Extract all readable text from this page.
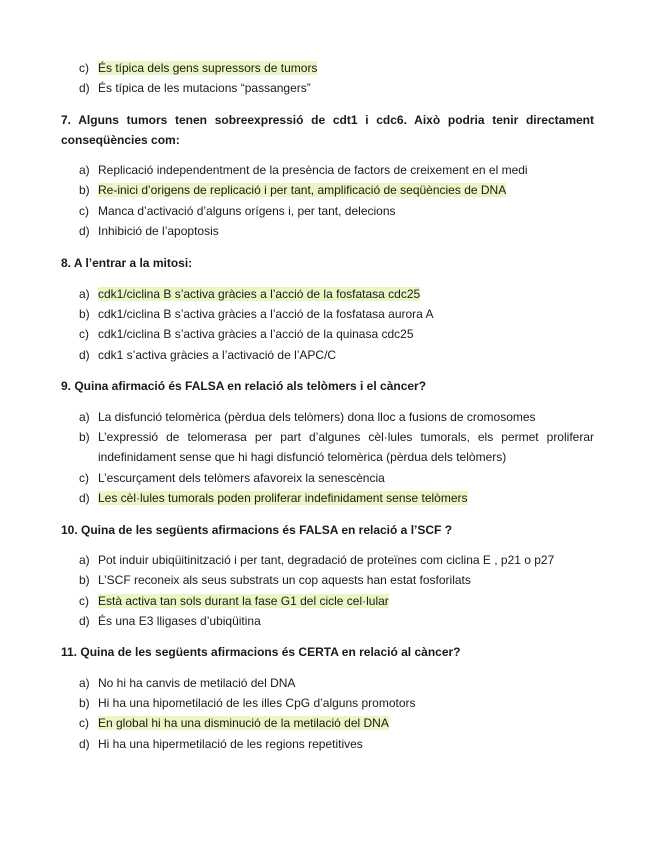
c) És típica dels gens supressors de tumors
d) És típica de les mutacions “passangers”
7. Alguns tumors tenen sobreexpressió de cdt1 i cdc6. Això podria tenir directament conseqüències com:
a) Replicació independentment de la presència de factors de creixement en el medi
b) Re-inici d’origens de replicació i per tant, amplificació de seqüències de DNA
c) Manca d’activació d’alguns orígens i, per tant, delecions
d) Inhibició de l’apoptosis
8. A l’entrar a la mitosi:
a) cdk1/ciclina B s’activa gràcies a l’acció de la fosfatasa cdc25
b) cdk1/ciclina B s’activa gràcies a l’acció de la fosfatasa aurora A
c) cdk1/ciclina B s’activa gràcies a l’acció de la quinasa cdc25
d) cdk1 s’activa gràcies a l’activació de l’APC/C
9. Quina afirmació és FALSA en relació als telòmers i el càncer?
a) La disfunció telomèrica (pèrdua dels telòmers) dona lloc a fusions de cromosomes
b) L’expressió de telomerasa per part d’algunes cèl·lules tumorals, els permet proliferar indefinidament sense que hi hagi disfunció telomèrica (pèrdua dels telòmers)
c) L’escurçament dels telòmers afavoreix la senescència
d) Les cèl·lules tumorals poden proliferar indefinidament sense telòmers
10. Quina de les següents afirmacions és FALSA en relació a l’SCF ?
a) Pot induir ubiqüitinització i per tant, degradació de proteïnes com ciclina E , p21 o p27
b) L’SCF reconeix als seus substrats un cop aquests han estat fosforilats
c) Està activa tan sols durant la fase G1 del cicle cel·lular
d) És una E3 lligases d’ubiqüitina
11. Quina de les següents afirmacions és CERTA en relació al càncer?
a) No hi ha canvis de metilació del DNA
b) Hi ha una hipometilació de les illes CpG d’alguns promotors
c) En global hi ha una disminució de la metilació del DNA
d) Hi ha una hipermetilació de les regions repetitives
